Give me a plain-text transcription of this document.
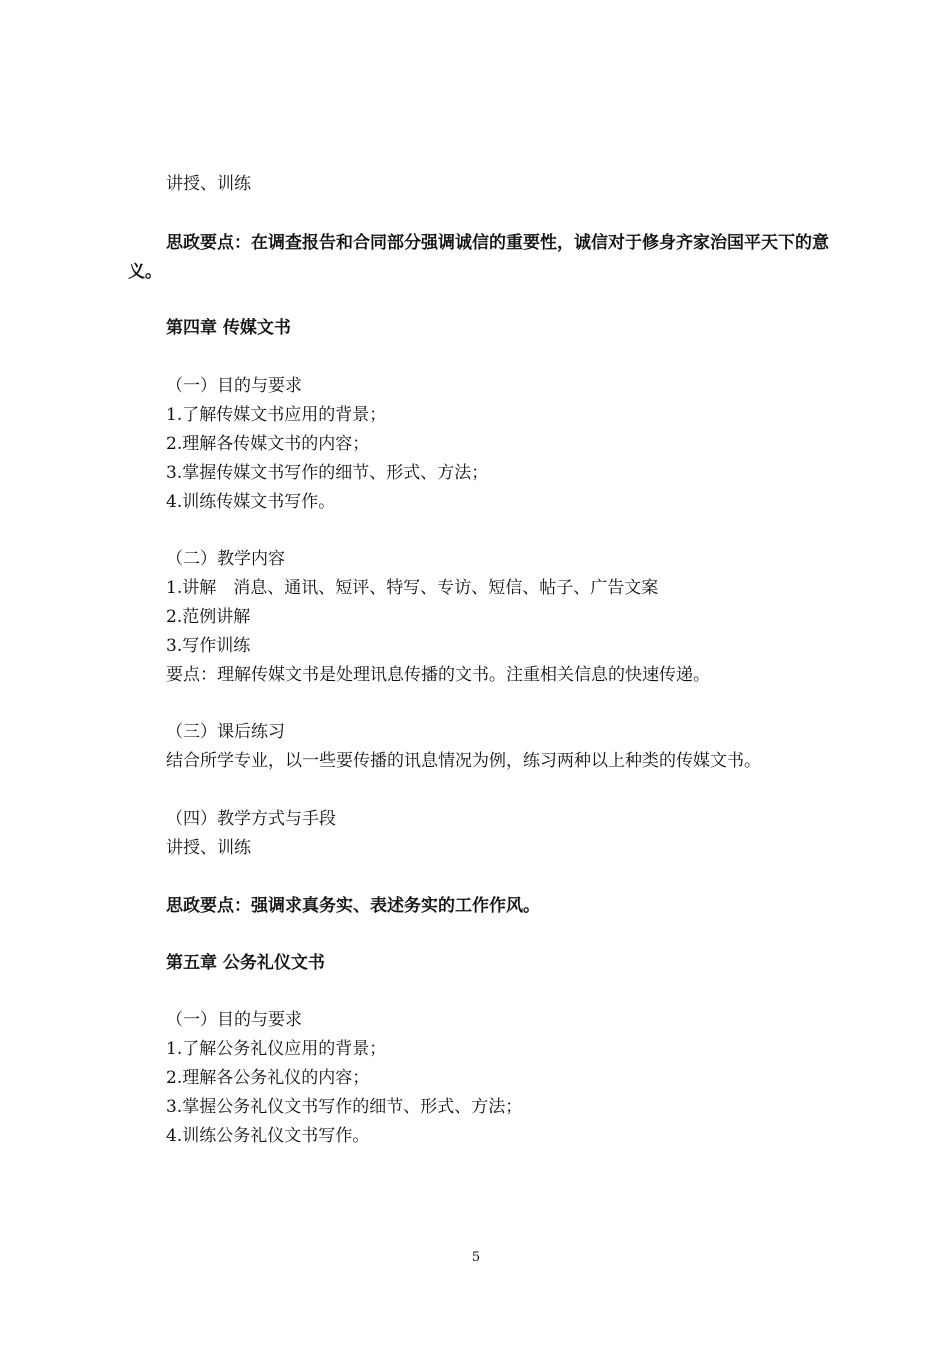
讲授、训练
思政要点：在调查报告和合同部分强调诚信的重要性，诚信对于修身齐家治国平天下的意义。
第四章 传媒文书
（一）目的与要求
1.了解传媒文书应用的背景；
2.理解各传媒文书的内容；
3.掌握传媒文书写作的细节、形式、方法；
4.训练传媒文书写作。
（二）教学内容
1.讲解　消息、通讯、短评、特写、专访、短信、帖子、广告文案
2.范例讲解
3.写作训练
要点：理解传媒文书是处理讯息传播的文书。注重相关信息的快速传递。
（三）课后练习
结合所学专业，以一些要传播的讯息情况为例，练习两种以上种类的传媒文书。
（四）教学方式与手段
讲授、训练
思政要点：强调求真务实、表述务实的工作作风。
第五章 公务礼仪文书
（一）目的与要求
1.了解公务礼仪应用的背景；
2.理解各公务礼仪的内容；
3.掌握公务礼仪文书写作的细节、形式、方法；
4.训练公务礼仪文书写作。
5
